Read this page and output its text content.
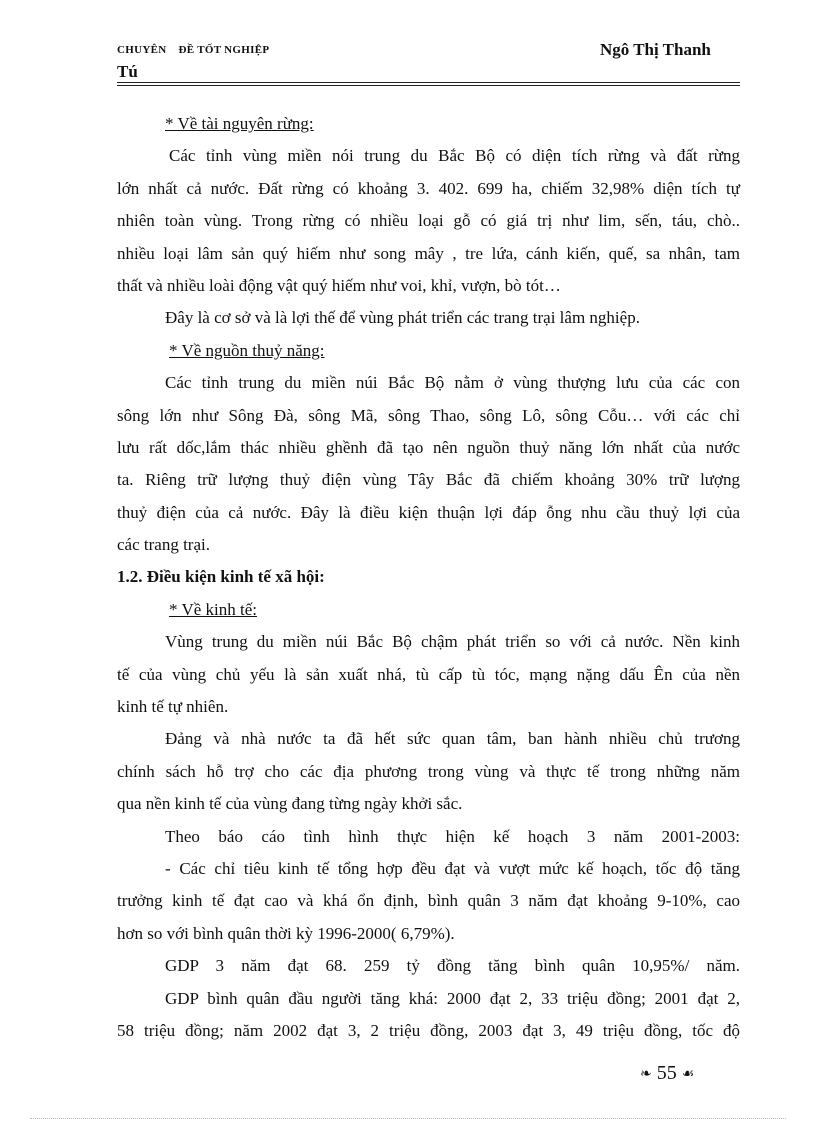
CHUYÊN ĐỀ TỐT NGHIỆP
Tú
Ngô Thị Thanh
* Về tài nguyên rừng:
Các tỉnh vùng miền nói trung du Bắc Bộ có diện tích rừng và đất rừng
lớn nhất cả nước. Đất rừng có khoảng 3. 402. 699 ha, chiếm 32,98% diện tích tự
nhiên toàn vùng. Trong rừng có nhiều loại gỗ có giá trị như lim, sến, táu, chò..
nhiều loại lâm sản quý hiếm như song mây , tre lứa, cánh kiến, quế, sa nhân, tam
thất và nhiều loài động vật quý hiếm như voi, khỉ, vượn, bò tót…
Đây là cơ sở và là lợi thế để vùng phát triển các trang trại lâm nghiệp.
* Về nguồn thuỷ năng:
Các tỉnh trung du miền núi Bắc Bộ nằm ở vùng thượng lưu của các con
sông lớn như Sông Đà, sông Mã, sông Thao, sông Lô, sông Cỗu… với các chỉ
lưu rất dốc,lắm thác nhiều ghềnh đã tạo nên nguồn thuỷ năng lớn nhất của nước
ta. Riêng trữ lượng thuỷ điện vùng Tây Bắc đã chiếm khoảng 30% trữ lượng
thuỷ điện của cả nước. Đây là điều kiện thuận lợi đáp ỗng nhu cầu thuỷ lợi của
các trang trại.
1.2. Điều kiện kinh tế xã hội:
* Về kinh tế:
Vùng trung du miền núi Bắc Bộ chậm phát triển so với cả nước. Nền kinh
tế của vùng chủ yếu là sản xuất nhá, tù cấp tù tóc, mạng nặng dấu Ên của nền
kinh tế tự nhiên.
Đảng và nhà nước ta đã hết sức quan tâm, ban hành nhiều chủ trương
chính sách hỗ trợ cho các địa phương trong vùng và thực tế trong những năm
qua nền kinh tế của vùng đang từng ngày khởi sắc.
Theo báo cáo tình hình thực hiện kế hoạch 3 năm 2001-2003:
- Các chỉ tiêu kinh tế tổng hợp đều đạt và vượt mức kế hoạch, tốc độ tăng
trưởng kinh tế đạt cao và khá ổn định, bình quân 3 năm đạt khoảng 9-10%, cao
hơn so với bình quân thời kỳ 1996-2000( 6,79%).
GDP 3 năm đạt 68. 259 tỷ đồng tăng bình quân 10,95%/ năm.
GDP bình quân đầu người tăng khá: 2000 đạt 2, 33 triệu đồng; 2001 đạt 2,
58 triệu đồng; năm 2002 đạt 3, 2 triệu đồng, 2003 đạt 3, 49 triệu đồng, tốc độ
❧ 55 ☙
